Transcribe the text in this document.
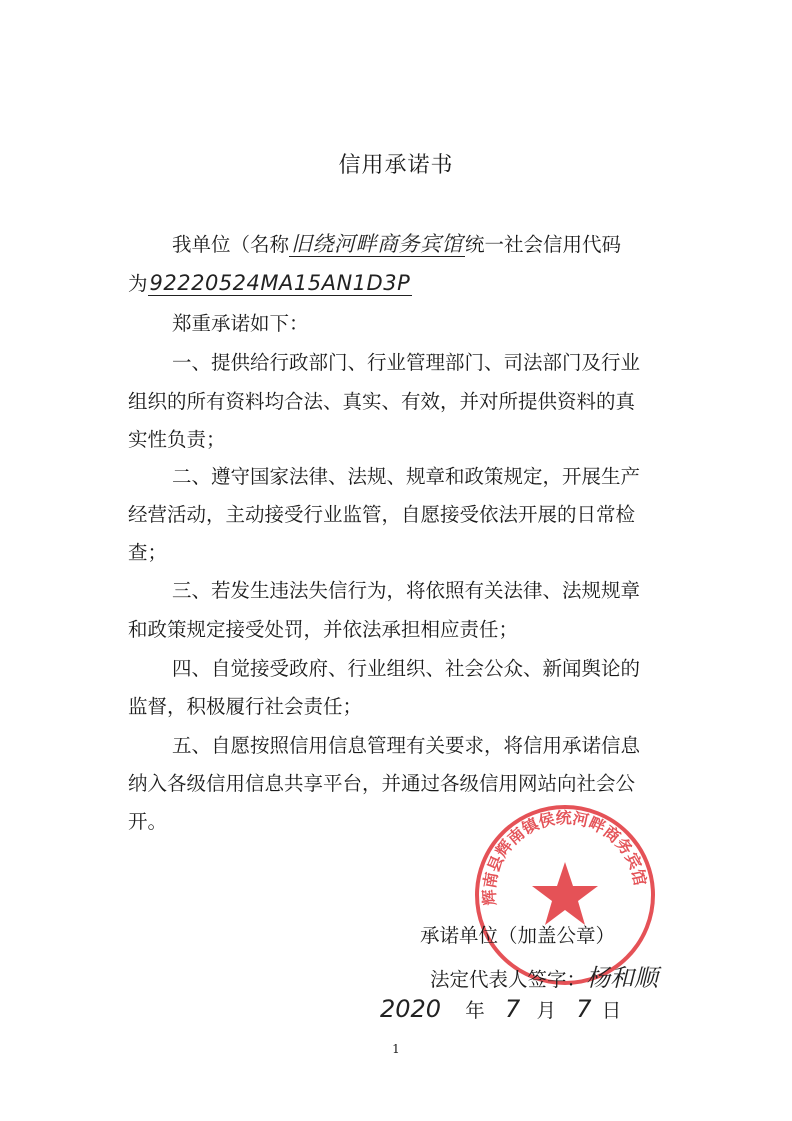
信用承诺书
我单位（名称旧绕河畔商务宾馆 统一社会信用代码
为92220524MA15AN1D3P
郑重承诺如下：
一、提供给行政部门、行业管理部门、司法部门及行业
组织的所有资料均合法、真实、有效，并对所提供资料的真
实性负责；
二、遵守国家法律、法规、规章和政策规定，开展生产
经营活动，主动接受行业监管，自愿接受依法开展的日常检
查；
三、若发生违法失信行为，将依照有关法律、法规规章
和政策规定接受处罚，并依法承担相应责任；
四、自觉接受政府、行业组织、社会公众、新闻舆论的
监督，积极履行社会责任；
五、自愿按照信用信息管理有关要求，将信用承诺信息
纳入各级信用信息共享平台，并通过各级信用网站向社会公
开。
辉南县辉南镇侯统河畔商务宾馆
承诺单位（加盖公章）
法定代表人签字：杨和顺
2020 年 7 月 7 日
1
